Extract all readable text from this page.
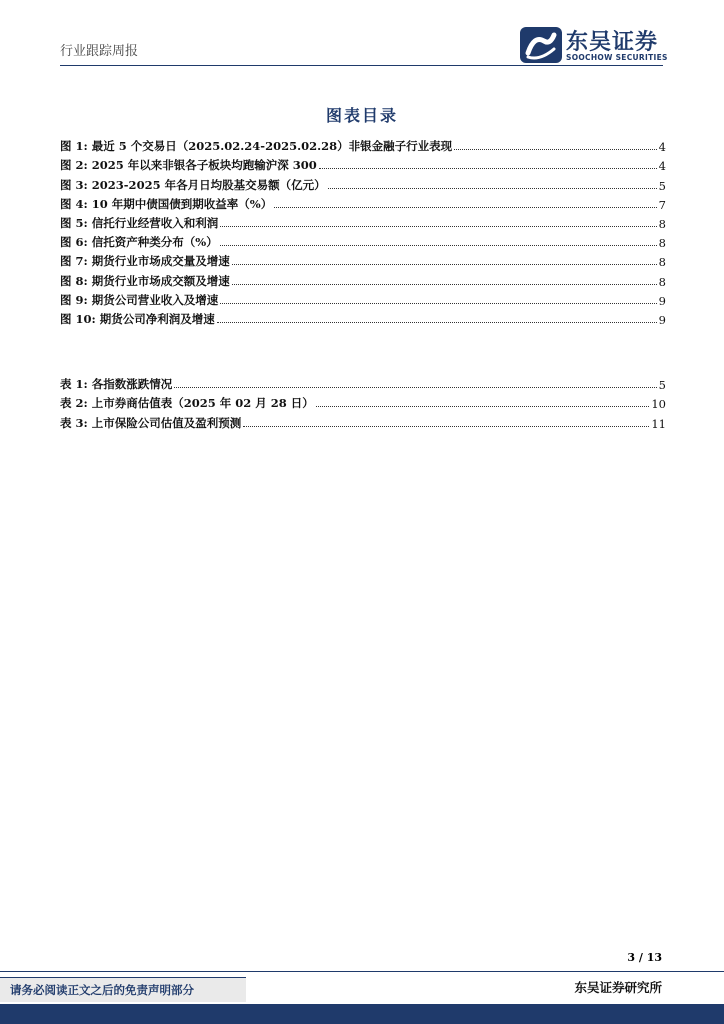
行业跟踪周报	东吴证券
SOOCHOW SECURITIES
图表目录
图 1: 最近 5 个交易日（2025.02.24-2025.02.28）非银金融子行业表现	4
图 2: 2025 年以来非银各子板块均跑输沪深 300	4
图 3: 2023-2025 年各月日均股基交易额（亿元）	5
图 4: 10 年期中债国债到期收益率（%）	7
图 5: 信托行业经营收入和利润	8
图 6: 信托资产种类分布（%）	8
图 7: 期货行业市场成交量及增速	8
图 8: 期货行业市场成交额及增速	8
图 9: 期货公司营业收入及增速	9
图 10: 期货公司净利润及增速	9
表 1: 各指数涨跌情况	5
表 2: 上市券商估值表（2025 年 02 月 28 日）	10
表 3: 上市保险公司估值及盈利预测	11
3 / 13
请务必阅读正文之后的免责声明部分	东吴证券研究所
